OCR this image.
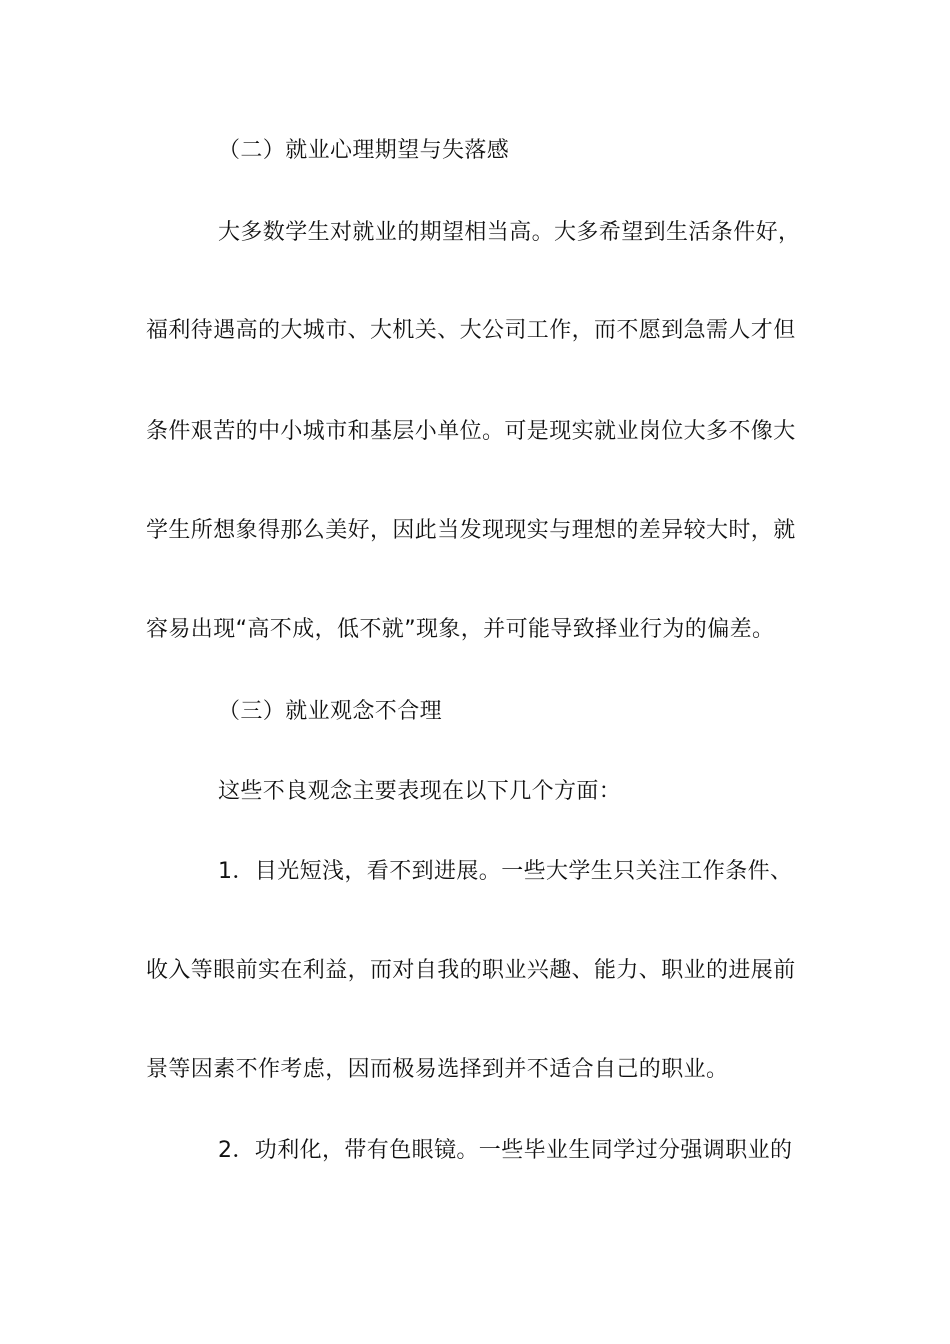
（二）就业心理期望与失落感
大多数学生对就业的期望相当高。大多希望到生活条件好，
福利待遇高的大城市、大机关、大公司工作，而不愿到急需人才但
条件艰苦的中小城市和基层小单位。可是现实就业岗位大多不像大
学生所想象得那么美好，因此当发现现实与理想的差异较大时，就
容易出现“高不成，低不就”现象，并可能导致择业行为的偏差。
（三）就业观念不合理
这些不良观念主要表现在以下几个方面：
1．目光短浅，看不到进展。一些大学生只关注工作条件、
收入等眼前实在利益，而对自我的职业兴趣、能力、职业的进展前
景等因素不作考虑，因而极易选择到并不适合自己的职业。
2．功利化，带有色眼镜。一些毕业生同学过分强调职业的
